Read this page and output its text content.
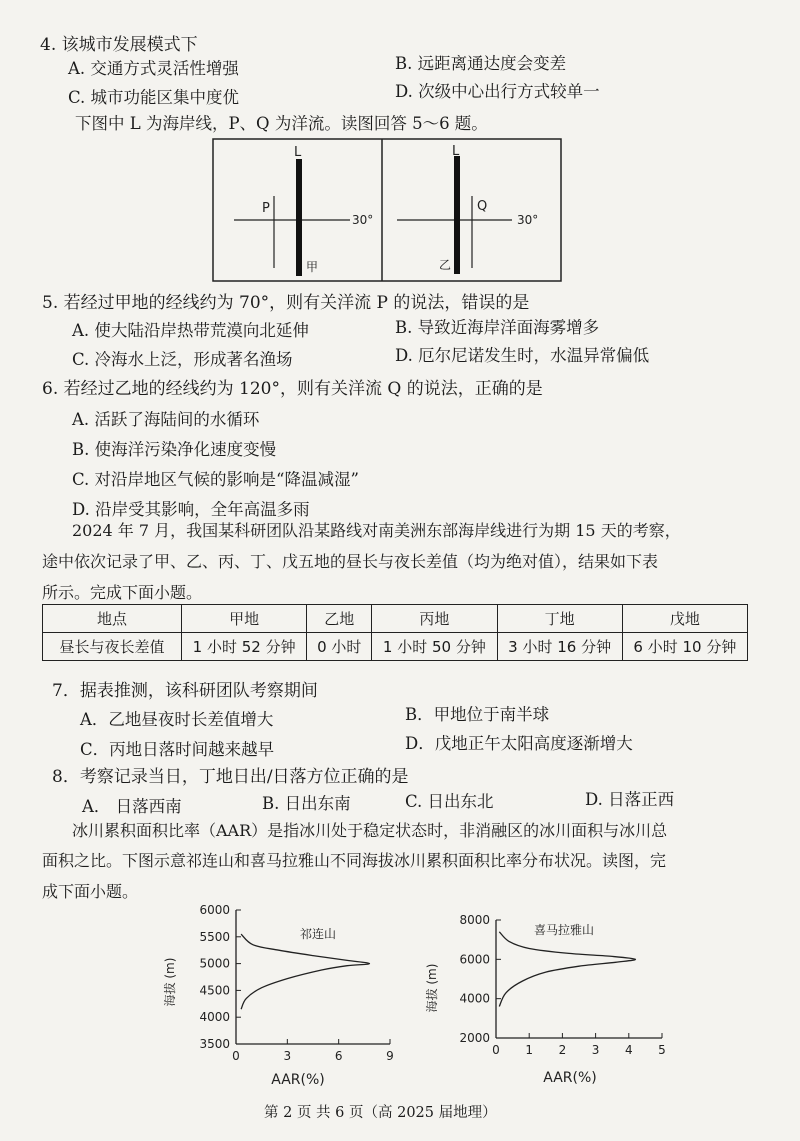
4. 该城市发展模式下
A. 交通方式灵活性增强	B. 远距离通达度会变差
C. 城市功能区集中度优	D. 次级中心出行方式较单一
下图中 L 为海岸线，P、Q 为洋流。读图回答 5～6 题。
L
P
30°
甲
L
Q
30°
乙
5. 若经过甲地的经线约为 70°，则有关洋流 P 的说法，错误的是
A. 使大陆沿岸热带荒漠向北延伸	B. 导致近海岸洋面海雾增多
C. 冷海水上泛，形成著名渔场	D. 厄尔尼诺发生时，水温异常偏低
6. 若经过乙地的经线约为 120°，则有关洋流 Q 的说法，正确的是
A. 活跃了海陆间的水循环
B. 使海洋污染净化速度变慢
C. 对沿岸地区气候的影响是“降温减湿”
D. 沿岸受其影响，全年高温多雨
2024 年 7 月，我国某科研团队沿某路线对南美洲东部海岸线进行为期 15 天的考察，
途中依次记录了甲、乙、丙、丁、戊五地的昼长与夜长差值（均为绝对值），结果如下表
所示。完成下面小题。
地点	甲地	乙地	丙地	丁地	戊地
昼长与夜长差值	1 小时 52 分钟	0 小时	1 小时 50 分钟	3 小时 16 分钟	6 小时 10 分钟
7．据表推测，该科研团队考察期间
A．乙地昼夜时长差值增大	B．甲地位于南半球
C．丙地日落时间越来越早	D．戊地正午太阳高度逐渐增大
8．考察记录当日，丁地日出/日落方位正确的是
A． 日落西南	B. 日出东南	C. 日出东北	D. 日落正西
冰川累积面积比率（AAR）是指冰川处于稳定状态时，非消融区的冰川面积与冰川总
面积之比。下图示意祁连山和喜马拉雅山不同海拔冰川累积面积比率分布状况。读图，完
成下面小题。
3500
4000
4500
5000
5500
6000
0	3	6	9
祁连山
AAR(%)
海拔 (m)
2000
4000
6000
8000
0 1 2 3 4 5
喜马拉雅山
AAR(%)
海拔 (m)
第 2 页 共 6 页（高 2025 届地理）
